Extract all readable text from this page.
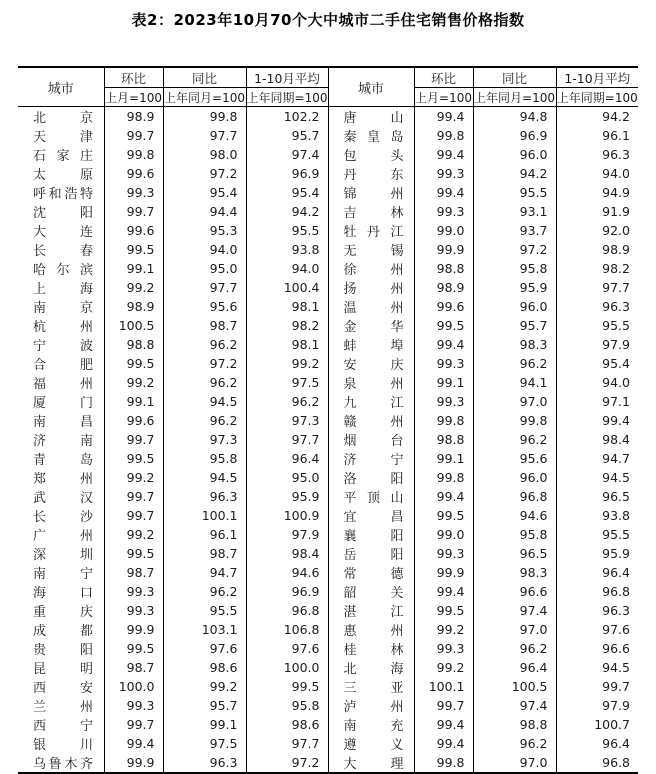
表2：2023年10月70个大中城市二手住宅销售价格指数
城市	环比	同比	1-10月平均	城市	环比	同比	1-10月平均
	上月=100	上年同月=100	上年同期=100		上月=100	上年同月=100	上年同期=100
北京	98.9	99.8	102.2	唐山	99.4	94.8	94.2
天津	99.7	97.7	95.7	秦皇岛	99.8	96.9	96.1
石家庄	99.8	98.0	97.4	包头	99.4	96.0	96.3
太原	99.6	97.2	96.9	丹东	99.3	94.2	94.0
呼和浩特	99.3	95.4	95.4	锦州	99.4	95.5	94.9
沈阳	99.7	94.4	94.2	吉林	99.3	93.1	91.9
大连	99.6	95.3	95.5	牡丹江	99.0	93.7	92.0
长春	99.5	94.0	93.8	无锡	99.9	97.2	98.9
哈尔滨	99.1	95.0	94.0	徐州	98.8	95.8	98.2
上海	99.2	97.7	100.4	扬州	98.9	95.9	97.7
南京	98.9	95.6	98.1	温州	99.6	96.0	96.3
杭州	100.5	98.7	98.2	金华	99.5	95.7	95.5
宁波	98.8	96.2	98.1	蚌埠	99.4	98.3	97.9
合肥	99.5	97.2	99.2	安庆	99.3	96.2	95.4
福州	99.2	96.2	97.5	泉州	99.1	94.1	94.0
厦门	99.1	94.5	96.2	九江	99.3	97.0	97.1
南昌	99.6	96.2	97.3	赣州	99.8	99.8	99.4
济南	99.7	97.3	97.7	烟台	98.8	96.2	98.4
青岛	99.5	95.8	96.4	济宁	99.1	95.6	94.7
郑州	99.2	94.5	95.0	洛阳	99.8	96.0	94.5
武汉	99.7	96.3	95.9	平顶山	99.4	96.8	96.5
长沙	99.7	100.1	100.9	宜昌	99.5	94.6	93.8
广州	99.2	96.1	97.9	襄阳	99.0	95.8	95.5
深圳	99.5	98.7	98.4	岳阳	99.3	96.5	95.9
南宁	98.7	94.7	94.6	常德	99.9	98.3	96.4
海口	99.3	96.2	96.9	韶关	99.4	96.6	96.8
重庆	99.3	95.5	96.8	湛江	99.5	97.4	96.3
成都	99.9	103.1	106.8	惠州	99.2	97.0	97.6
贵阳	99.5	97.6	97.6	桂林	99.3	96.2	96.6
昆明	98.7	98.6	100.0	北海	99.2	96.4	94.5
西安	100.0	99.2	99.5	三亚	100.1	100.5	99.7
兰州	99.3	95.7	95.8	泸州	99.7	97.4	97.9
西宁	99.7	99.1	98.6	南充	99.4	98.8	100.7
银川	99.4	97.5	97.7	遵义	99.4	96.2	96.4
乌鲁木齐	99.9	96.3	97.2	大理	99.8	97.0	96.8
